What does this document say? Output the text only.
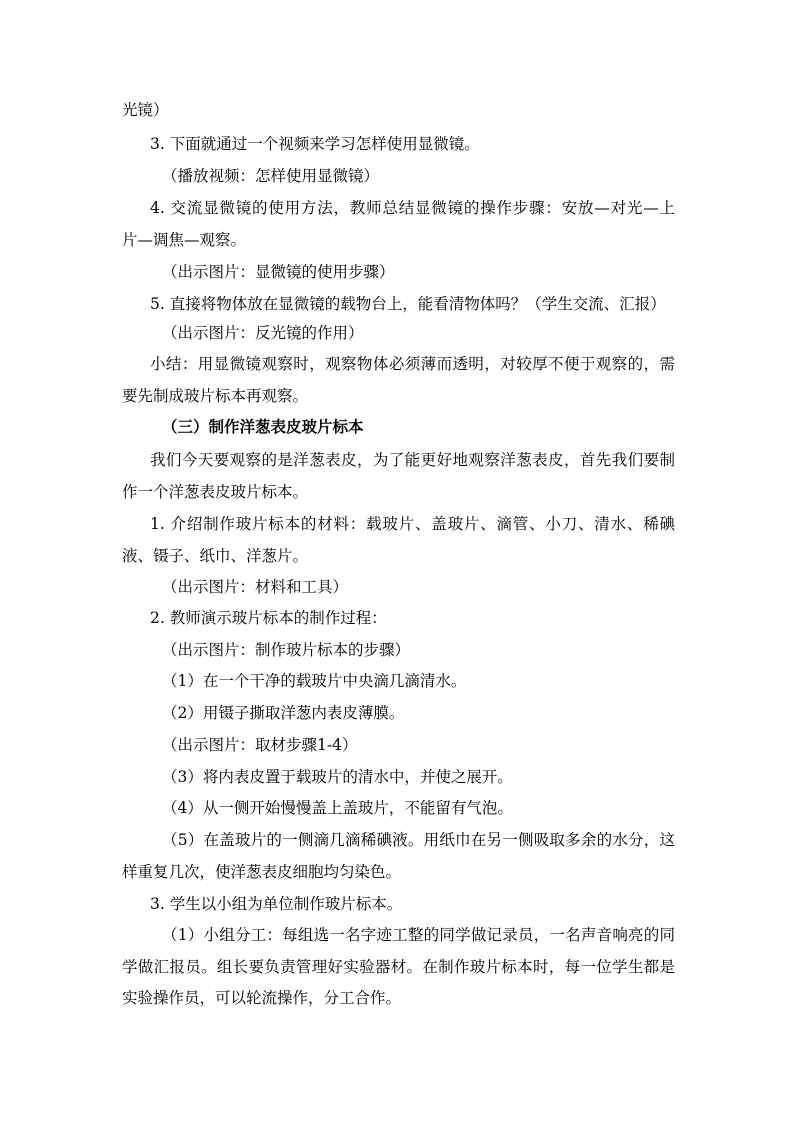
光镜）
3. 下面就通过一个视频来学习怎样使用显微镜。
（播放视频：怎样使用显微镜）
4. 交流显微镜的使用方法，教师总结显微镜的操作步骤：安放—对光—上
片—调焦—观察。
（出示图片：显微镜的使用步骤）
5. 直接将物体放在显微镜的载物台上，能看清物体吗？（学生交流、汇报）
（出示图片：反光镜的作用）
小结：用显微镜观察时，观察物体必须薄而透明，对较厚不便于观察的，需
要先制成玻片标本再观察。
（三）制作洋葱表皮玻片标本
我们今天要观察的是洋葱表皮，为了能更好地观察洋葱表皮，首先我们要制
作一个洋葱表皮玻片标本。
1. 介绍制作玻片标本的材料：载玻片、盖玻片、滴管、小刀、清水、稀碘
液、镊子、纸巾、洋葱片。
（出示图片：材料和工具）
2. 教师演示玻片标本的制作过程：
（出示图片：制作玻片标本的步骤）
（1）在一个干净的载玻片中央滴几滴清水。
（2）用镊子撕取洋葱内表皮薄膜。
（出示图片：取材步骤1-4）
（3）将内表皮置于载玻片的清水中，并使之展开。
（4）从一侧开始慢慢盖上盖玻片，不能留有气泡。
（5）在盖玻片的一侧滴几滴稀碘液。用纸巾在另一侧吸取多余的水分，这
样重复几次，使洋葱表皮细胞均匀染色。
3. 学生以小组为单位制作玻片标本。
（1）小组分工：每组选一名字迹工整的同学做记录员，一名声音响亮的同
学做汇报员。组长要负责管理好实验器材。在制作玻片标本时，每一位学生都是
实验操作员，可以轮流操作，分工合作。
